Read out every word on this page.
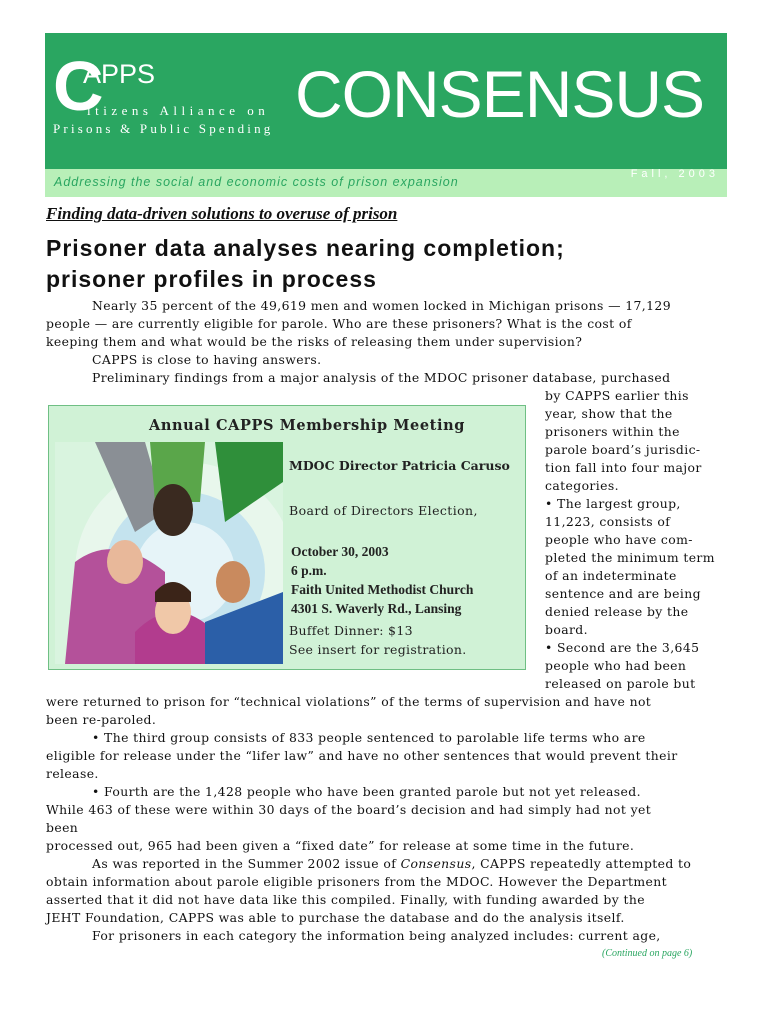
C
APPS
itizens Alliance on
Prisons & Public Spending CONSENSUS
Addressing the social and economic costs of prison expansion
Fall, 2003
Finding data-driven solutions to overuse of prison
Prisoner data analyses nearing completion;
prisoner profiles in process

Nearly 35 percent of the 49,619 men and women locked in Michigan prisons — 17,129

people — are currently eligible for parole. Who are these prisoners? What is the cost of

keeping them and what would be the risks of releasing them under supervision?

CAPPS is close to having answers.

Preliminary findings from a major analysis of the MDOC prisoner database, purchased

by CAPPS earlier this

year, show that the

prisoners within the

parole board’s jurisdic-

tion fall into four major

categories.

• The largest group,

11,223, consists of

people who have com-

pleted the minimum term

of an indeterminate

sentence and are being

denied release by the

board.

• Second are the 3,645

people who had been

released on parole but

Annual CAPPS Membership Meeting
MDOC Director Patricia Caruso
Board of Directors Election,
October 30, 2003
6 p.m.
Faith United Methodist Church
4301 S. Waverly Rd., Lansing
Buffet Dinner: $13
See insert for registration.

were returned to prison for “technical violations” of the terms of supervision and have not

been re-paroled.

• The third group consists of 833 people sentenced to parolable life terms who are

eligible for release under the “lifer law” and have no other sentences that would prevent their

release.

• Fourth are the 1,428 people who have been granted parole but not yet released.

While 463 of these were within 30 days of the board’s decision and had simply had not yet

been

processed out, 965 had been given a “fixed date” for release at some time in the future.

As was reported in the Summer 2002 issue of Consensus, CAPPS repeatedly attempted to

obtain information about parole eligible prisoners from the MDOC. However the Department

asserted that it did not have data like this compiled. Finally, with funding awarded by the

JEHT Foundation, CAPPS was able to purchase the database and do the analysis itself.

For prisoners in each category the information being analyzed includes: current age,

(Continued on page 6)
